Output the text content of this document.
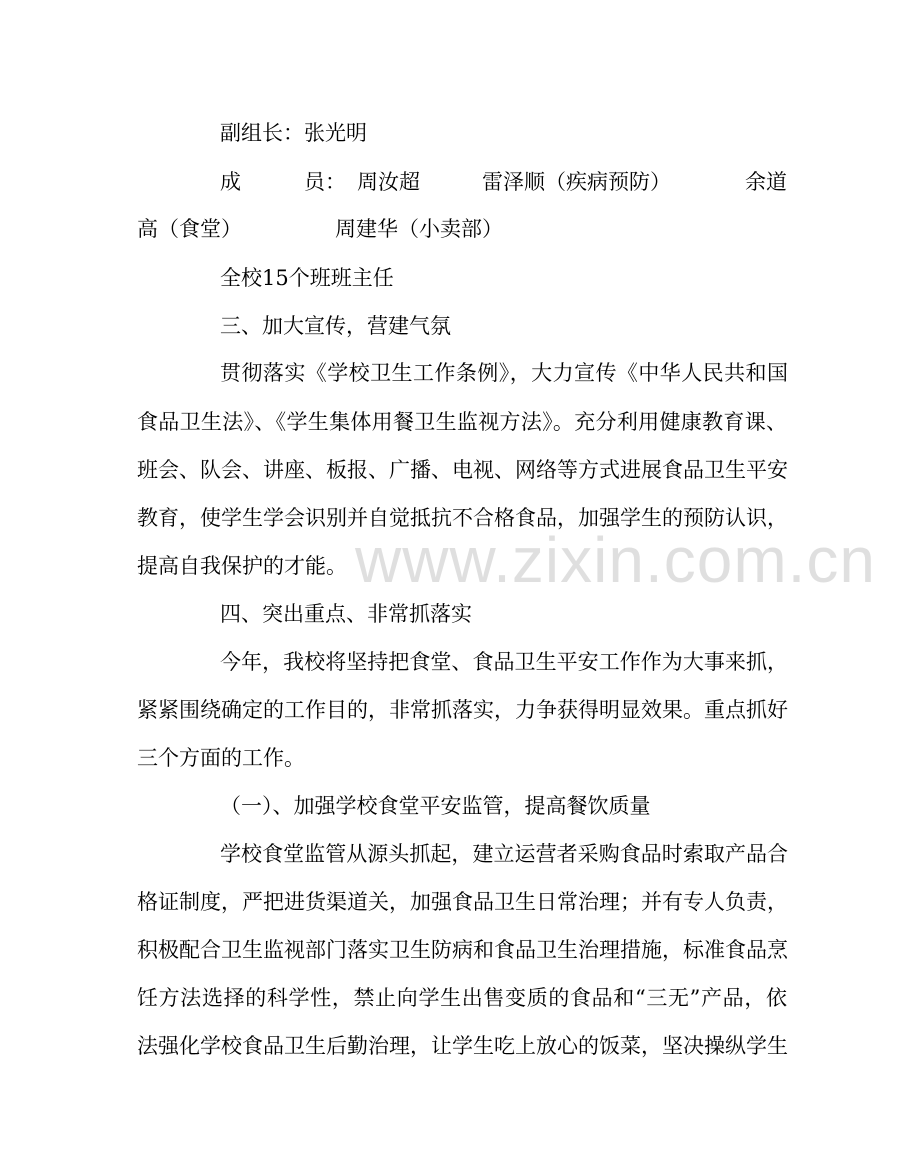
副组长：张光明
成　　　员： 周汝超	雷泽顺（疾病预防）	余道
高（食堂）	周建华（小卖部）
全校15个班班主任
三、加大宣传，营建气氛
贯彻落实《学校卫生工作条例》，大力宣传《中华人民共和国
食品卫生法》、《学生集体用餐卫生监视方法》。充分利用健康教育课、
班会、队会、讲座、板报、广播、电视、网络等方式进展食品卫生平安
教育，使学生学会识别并自觉抵抗不合格食品，加强学生的预防认识，
提高自我保护的才能。
四、突出重点、非常抓落实
今年，我校将坚持把食堂、食品卫生平安工作作为大事来抓，
紧紧围绕确定的工作目的，非常抓落实，力争获得明显效果。重点抓好
三个方面的工作。
（一）、加强学校食堂平安监管，提高餐饮质量
学校食堂监管从源头抓起，建立运营者采购食品时索取产品合
格证制度，严把进货渠道关，加强食品卫生日常治理；并有专人负责，
积极配合卫生监视部门落实卫生防病和食品卫生治理措施，标准食品烹
饪方法选择的科学性，禁止向学生出售变质的食品和“三无”产品，依
法强化学校食品卫生后勤治理，让学生吃上放心的饭菜，坚决操纵学生
www.zixin.com.cn
